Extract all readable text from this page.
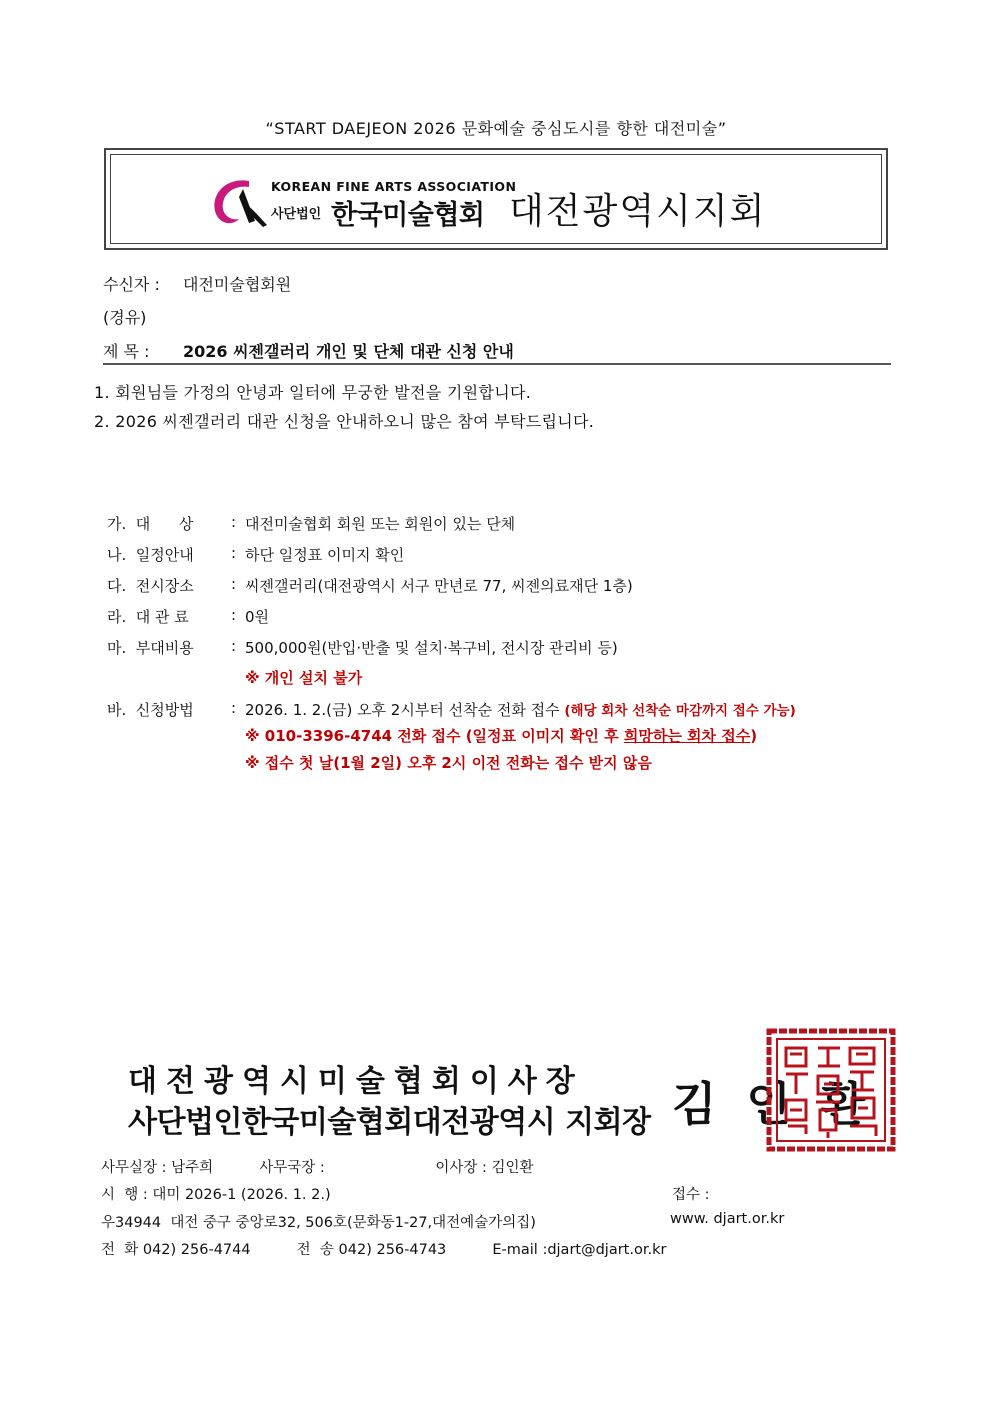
“START DAEJEON 2026 문화예술 중심도시를 향한 대전미술”
KOREAN FINE ARTS ASSOCIATION
사단법인 한국미술협회 대전광역시지회
수신자 : 대전미술협회원
(경유)
제 목 : 2026 씨젠갤러리 개인 및 단체 대관 신청 안내
1. 회원님들 가정의 안녕과 일터에 무궁한 발전을 기원합니다.
2. 2026 씨젠갤러리 대관 신청을 안내하오니 많은 참여 부탁드립니다.
가.  대      상	: 대전미술협회 회원 또는 회원이 있는 단체
나.  일정안내 : 하단 일정표 이미지 확인
다.  전시장소 : 씨젠갤러리(대전광역시 서구 만년로 77, 씨젠의료재단 1층)
라.  대 관 료	: 0원
마.  부대비용 : 500,000원(반입·반출 및 설치·복구비, 전시장 관리비 등)
※ 개인 설치 불가
바.  신청방법 : 2026. 1. 2.(금) 오후 2시부터 선착순 전화 접수 (해당 회차 선착순 마감까지 접수 가능)
※ 010-3396-4744 전화 접수 (일정표 이미지 확인 후 희망하는 회차 접수)
※ 접수 첫 날(1월 2일) 오후 2시 이전 전화는 접수 받지 않음
대전광역시미술협회이사장
사단법인한국미술협회대전광역시 지회장 김인환
사무실장 : 남주희          사무국장 :                        이사장 : 김인환
시  행 : 대미 2026-1 (2026. 1. 2.)	접수 :
우34944  대전 중구 중앙로32, 506호(문화동1-27,대전예술가의집)	www. djart.or.kr
전  화 042) 256-4744          전  송 042) 256-4743          E-mail :djart@djart.or.kr
